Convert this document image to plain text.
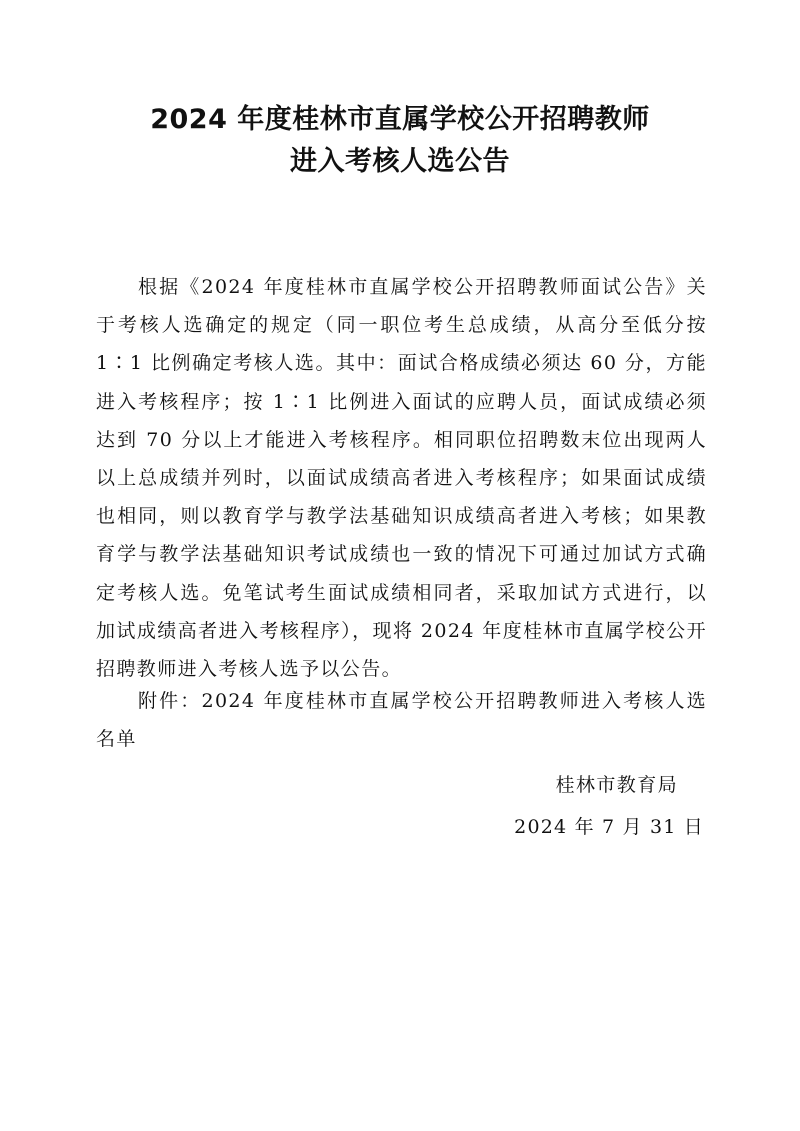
2024 年度桂林市直属学校公开招聘教师
进入考核人选公告

根据《2024 年度桂林市直属学校公开招聘教师面试公告》关于考核人选确定的规定（同一职位考生总成绩，从高分至低分按 1∶1 比例确定考核人选。其中：面试合格成绩必须达 60 分，方能进入考核程序；按 1∶1 比例进入面试的应聘人员，面试成绩必须达到 70 分以上才能进入考核程序。相同职位招聘数末位出现两人以上总成绩并列时，以面试成绩高者进入考核程序；如果面试成绩也相同，则以教育学与教学法基础知识成绩高者进入考核；如果教育学与教学法基础知识考试成绩也一致的情况下可通过加试方式确定考核人选。免笔试考生面试成绩相同者，采取加试方式进行，以加试成绩高者进入考核程序），现将 2024 年度桂林市直属学校公开招聘教师进入考核人选予以公告。

附件：2024 年度桂林市直属学校公开招聘教师进入考核人选名单

桂林市教育局
2024 年 7 月 31 日
